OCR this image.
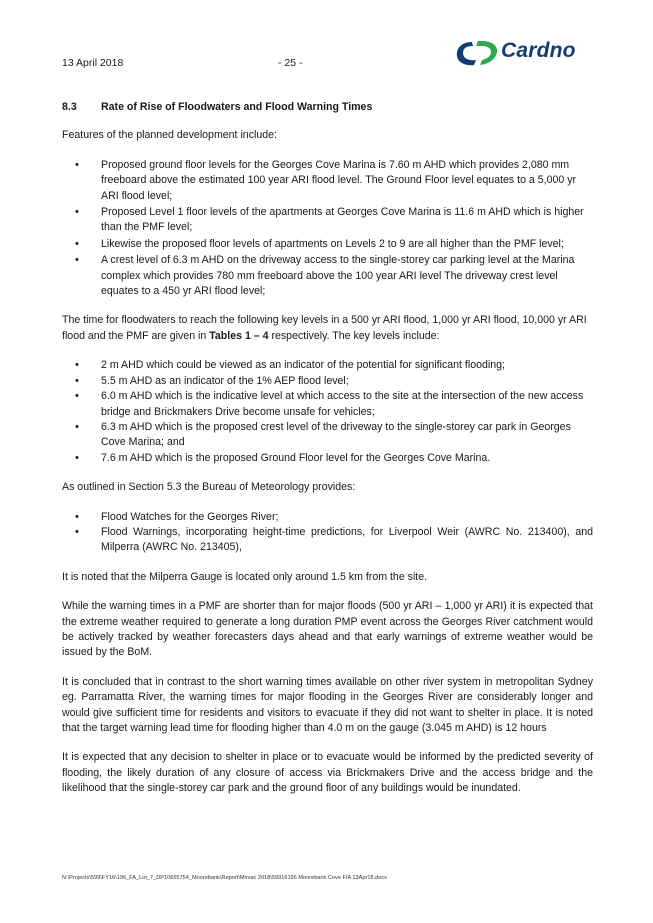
13 April 2018	- 25 -
Cardno
8.3	Rate of Rise of Floodwaters and Flood Warning Times

Features of the planned development include:

• Proposed ground floor levels for the Georges Cove Marina is 7.60 m AHD which provides 2,080 mm freeboard above the estimated 100 year ARI flood level. The Ground Floor level equates to a 5,000 yr ARI flood level;
• Proposed Level 1 floor levels of the apartments at Georges Cove Marina is 11.6 m AHD which is higher than the PMF level;
• Likewise the proposed floor levels of apartments on Levels 2 to 9 are all higher than the PMF level;
• A crest level of 6.3 m AHD on the driveway access to the single-storey car parking level at the Marina complex which provides 780 mm freeboard above the 100 year ARI level The driveway crest level equates to a 450 yr ARI flood level;

The time for floodwaters to reach the following key levels in a 500 yr ARI flood, 1,000 yr ARI flood, 10,000 yr ARI flood and the PMF are given in Tables 1 – 4 respectively. The key levels include:

• 2 m AHD which could be viewed as an indicator of the potential for significant flooding;
• 5.5 m AHD as an indicator of the 1% AEP flood level;
• 6.0 m AHD which is the indicative level at which access to the site at the intersection of the new access bridge and Brickmakers Drive become unsafe for vehicles;
• 6.3 m AHD which is the proposed crest level of the driveway to the single-storey car park in Georges Cove Marina; and
• 7.6 m AHD which is the proposed Ground Floor level for the Georges Cove Marina.

As outlined in Section 5.3 the Bureau of Meteorology provides:

• Flood Watches for the Georges River;
• Flood Warnings, incorporating height-time predictions, for Liverpool Weir (AWRC No. 213400), and Milperra (AWRC No. 213405),

It is noted that the Milperra Gauge is located only around 1.5 km from the site.

While the warning times in a PMF are shorter than for major floods (500 yr ARI – 1,000 yr ARI) it is expected that the extreme weather required to generate a long duration PMP event across the Georges River catchment would be actively tracked by weather forecasters days ahead and that early warnings of extreme weather would be issued by the BoM.

It is concluded that in contrast to the short warning times available on other river system in metropolitan Sydney eg. Parramatta River, the warning times for major flooding in the Georges River are considerably longer and would give sufficient time for residents and visitors to evacuate if they did not want to shelter in place. It is noted that the target warning lead time for flooding higher than 4.0 m on the gauge (3.045 m AHD) is 12 hours

It is expected that any decision to shelter in place or to evacuate would be informed by the predicted severity of flooding, the likely duration of any closure of access via Brickmakers Drive and the access bridge and the likelihood that the single-storey car park and the ground floor of any buildings would be inundated.

N:\Projects\599\FY16\196_FA_Lot_7_DP10655754_Moorebank\Report\Mirvac 2018\59916196 Moorebank Cove FIA 13Apr18.docx
